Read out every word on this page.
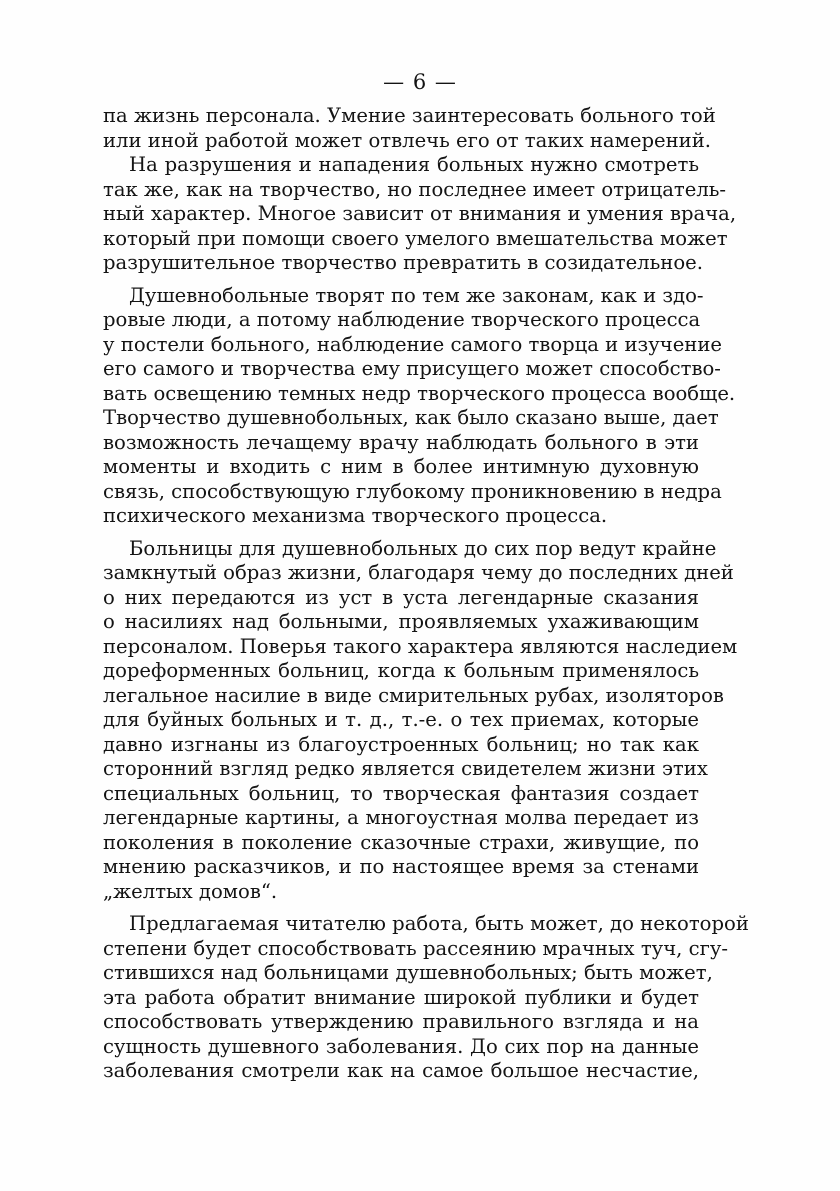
— 6 —
па жизнь персонала. Умение заинтересовать больного той
или иной работой может отвлечь его от таких намерений.
На разрушения и нападения больных нужно смотреть
так же, как на творчество, но последнее имеет отрицатель-
ный характер. Многое зависит от внимания и умения врача,
который при помощи своего умелого вмешательства может
разрушительное творчество превратить в созидательное.
Душевнобольные творят по тем же законам, как и здо-
ровые люди, а потому наблюдение творческого процесса
у постели больного, наблюдение самого творца и изучение
его самого и творчества ему присущего может способство-
вать освещению темных недр творческого процесса вообще.
Творчество душевнобольных, как было сказано выше, дает
возможность лечащему врачу наблюдать больного в эти
моменты и входить с ним в более интимную духовную
связь, способствующую глубокому проникновению в недра
психического механизма творческого процесса.
Больницы для душевнобольных до сих пор ведут крайне
замкнутый образ жизни, благодаря чему до последних дней
о них передаются из уст в уста легендарные сказания
о насилиях над больными, проявляемых ухаживающим
персоналом. Поверья такого характера являются наследием
дореформенных больниц, когда к больным применялось
легальное насилие в виде смирительных рубах, изоляторов
для буйных больных и т. д., т.-е. о тех приемах, которые
давно изгнаны из благоустроенных больниц; но так как
сторонний взгляд редко является свидетелем жизни этих
специальных больниц, то творческая фантазия создает
легендарные картины, а многоустная молва передает из
поколения в поколение сказочные страхи, живущие, по
мнению расказчиков, и по настоящее время за стенами
„желтых домов“.
Предлагаемая читателю работа, быть может, до некоторой
степени будет способствовать рассеянию мрачных туч, сгу-
стившихся над больницами душевнобольных; быть может,
эта работа обратит внимание широкой публики и будет
способствовать утверждению правильного взгляда и на
сущность душевного заболевания. До сих пор на данные
заболевания смотрели как на самое большое несчастие,
